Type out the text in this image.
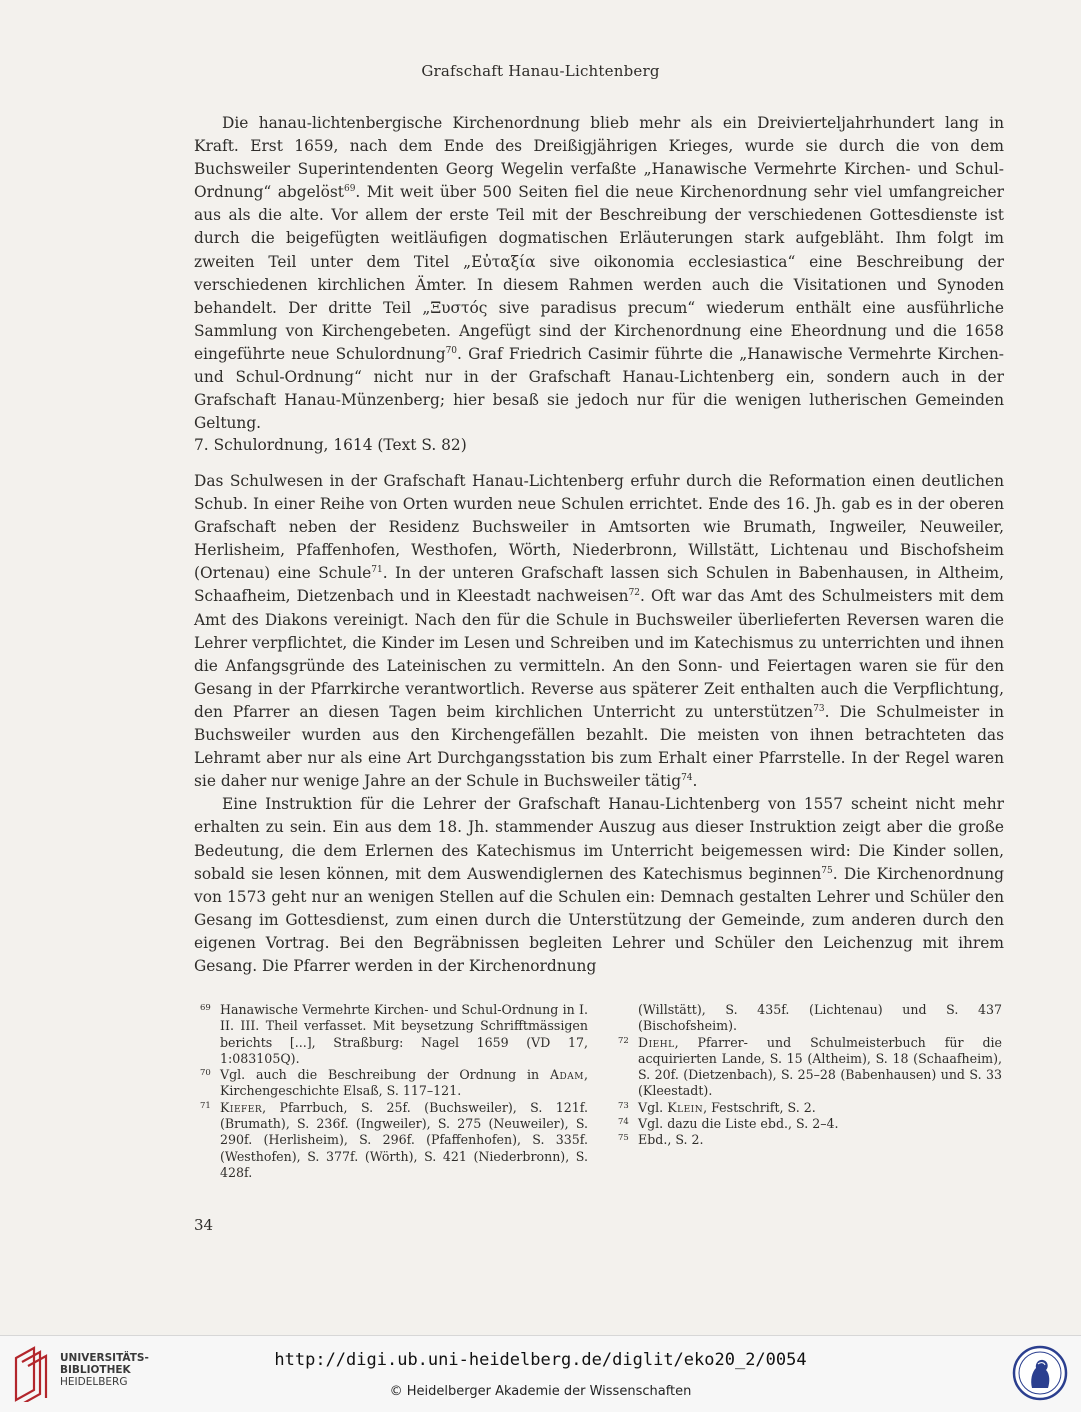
Grafschaft Hanau-Lichtenberg

Die hanau-lichtenbergische Kirchenordnung blieb mehr als ein Dreivierteljahrhundert lang in Kraft. Erst 1659, nach dem Ende des Dreißigjährigen Krieges, wurde sie durch die von dem Buchsweiler Superintendenten Georg Wegelin verfaßte „Hanawische Vermehrte Kirchen- und Schul-Ordnung“ abgelöst$^{69}$. Mit weit über 500 Seiten fiel die neue Kirchenordnung sehr viel umfangreicher aus als die alte. Vor allem der erste Teil mit der Beschreibung der verschiedenen Gottesdienste ist durch die beigefügten weitläufigen dogmatischen Erläuterungen stark aufgebläht. Ihm folgt im zweiten Teil unter dem Titel „Εὐταξία sive oikonomia ecclesiastica“ eine Beschreibung der verschiedenen kirchlichen Ämter. In diesem Rahmen werden auch die Visitationen und Synoden behandelt. Der dritte Teil „Ξυστός sive paradisus precum“ wiederum enthält eine ausführliche Sammlung von Kirchengebeten. Angefügt sind der Kirchenordnung eine Eheordnung und die 1658 eingeführte neue Schulordnung$^{70}$. Graf Friedrich Casimir führte die „Hanawische Vermehrte Kirchen- und Schul-Ordnung“ nicht nur in der Grafschaft Hanau-Lichtenberg ein, sondern auch in der Grafschaft Hanau-Münzenberg; hier besaß sie jedoch nur für die wenigen lutherischen Gemeinden Geltung.

7. Schulordnung, 1614 (Text S. 82)

Das Schulwesen in der Grafschaft Hanau-Lichtenberg erfuhr durch die Reformation einen deutlichen Schub. In einer Reihe von Orten wurden neue Schulen errichtet. Ende des 16. Jh. gab es in der oberen Grafschaft neben der Residenz Buchsweiler in Amtsorten wie Brumath, Ingweiler, Neuweiler, Herlisheim, Pfaffenhofen, Westhofen, Wörth, Niederbronn, Willstätt, Lichtenau und Bischofsheim (Ortenau) eine Schule$^{71}$. In der unteren Grafschaft lassen sich Schulen in Babenhausen, in Altheim, Schaafheim, Dietzenbach und in Kleestadt nachweisen$^{72}$. Oft war das Amt des Schulmeisters mit dem Amt des Diakons vereinigt. Nach den für die Schule in Buchsweiler überlieferten Reversen waren die Lehrer verpflichtet, die Kinder im Lesen und Schreiben und im Katechismus zu unterrichten und ihnen die Anfangsgründe des Lateinischen zu vermitteln. An den Sonn- und Feiertagen waren sie für den Gesang in der Pfarrkirche verantwortlich. Reverse aus späterer Zeit enthalten auch die Verpflichtung, den Pfarrer an diesen Tagen beim kirchlichen Unterricht zu unterstützen$^{73}$. Die Schulmeister in Buchsweiler wurden aus den Kirchengefällen bezahlt. Die meisten von ihnen betrachteten das Lehramt aber nur als eine Art Durchgangsstation bis zum Erhalt einer Pfarrstelle. In der Regel waren sie daher nur wenige Jahre an der Schule in Buchsweiler tätig$^{74}$.

Eine Instruktion für die Lehrer der Grafschaft Hanau-Lichtenberg von 1557 scheint nicht mehr erhalten zu sein. Ein aus dem 18. Jh. stammender Auszug aus dieser Instruktion zeigt aber die große Bedeutung, die dem Erlernen des Katechismus im Unterricht beigemessen wird: Die Kinder sollen, sobald sie lesen können, mit dem Auswendiglernen des Katechismus beginnen$^{75}$. Die Kirchenordnung von 1573 geht nur an wenigen Stellen auf die Schulen ein: Demnach gestalten Lehrer und Schüler den Gesang im Gottesdienst, zum einen durch die Unterstützung der Gemeinde, zum anderen durch den eigenen Vortrag. Bei den Begräbnissen begleiten Lehrer und Schüler den Leichenzug mit ihrem Gesang. Die Pfarrer werden in der Kirchenordnung

69 Hanawische Vermehrte Kirchen- und Schul-Ordnung in I. II. III. Theil verfasset. Mit beysetzung Schrifftmässigen berichts [...], Straßburg: Nagel 1659 (VD 17, 1:083105Q).
70 Vgl. auch die Beschreibung der Ordnung in Adam, Kirchengeschichte Elsaß, S. 117–121.
71 Kiefer, Pfarrbuch, S. 25f. (Buchsweiler), S. 121f. (Brumath), S. 236f. (Ingweiler), S. 275 (Neuweiler), S. 290f. (Herlisheim), S. 296f. (Pfaffenhofen), S. 335f. (Westhofen), S. 377f. (Wörth), S. 421 (Niederbronn), S. 428f.
(Willstätt), S. 435f. (Lichtenau) und S. 437 (Bischofsheim).
72 Diehl, Pfarrer- und Schulmeisterbuch für die acquirierten Lande, S. 15 (Altheim), S. 18 (Schaafheim), S. 20f. (Dietzenbach), S. 25–28 (Babenhausen) und S. 33 (Kleestadt).
73 Vgl. Klein, Festschrift, S. 2.
74 Vgl. dazu die Liste ebd., S. 2–4.
75 Ebd., S. 2.
34
UNIVERSITÄTS-
BIBLIOTHEK
HEIDELBERG
http://digi.ub.uni-heidelberg.de/diglit/eko20_2/0054
© Heidelberger Akademie der Wissenschaften
